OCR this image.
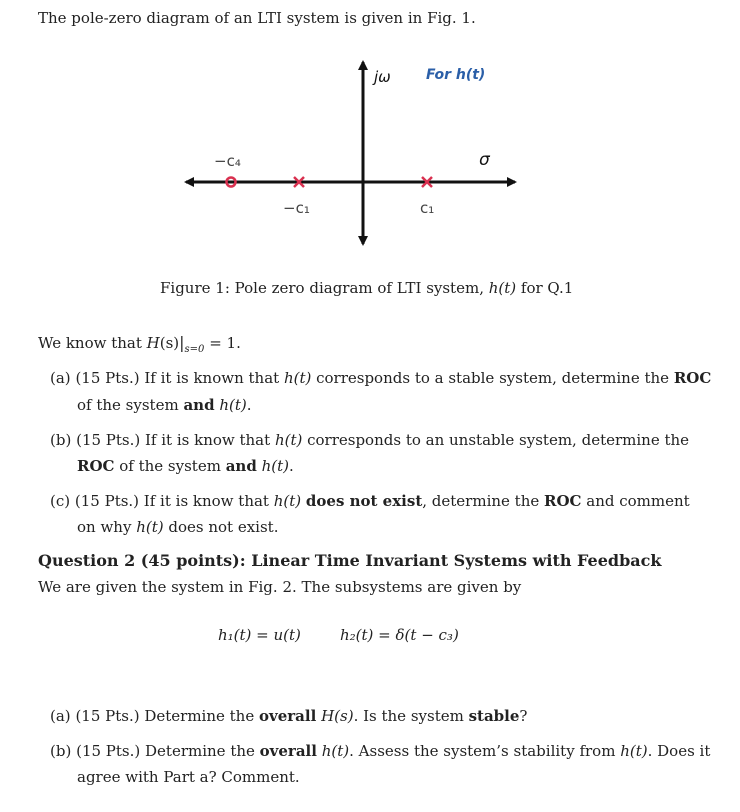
The pole-zero diagram of an LTI system is given in Fig. 1.
jω	For h(t)
σ
−c₄
−c₁	c₁
Figure 1: Pole zero diagram of LTI system, h(t) for Q.1
We know that $H(s)|_{s=0} = 1$.
(a) (15 Pts.) If it is known that h(t) corresponds to a stable system, determine the ROC
of the system and h(t).
(b) (15 Pts.) If it is know that h(t) corresponds to an unstable system, determine the
ROC of the system and h(t).
(c) (15 Pts.) If it is know that h(t) does not exist, determine the ROC and comment
on why h(t) does not exist.
Question 2 (45 points): Linear Time Invariant Systems with Feedback
We are given the system in Fig. 2. The subsystems are given by
h₁(t) = u(t)	h₂(t) = δ(t − c₃)
(a) (15 Pts.) Determine the overall H(s). Is the system stable?
(b) (15 Pts.) Determine the overall h(t). Assess the system’s stability from h(t). Does it
agree with Part a? Comment.
